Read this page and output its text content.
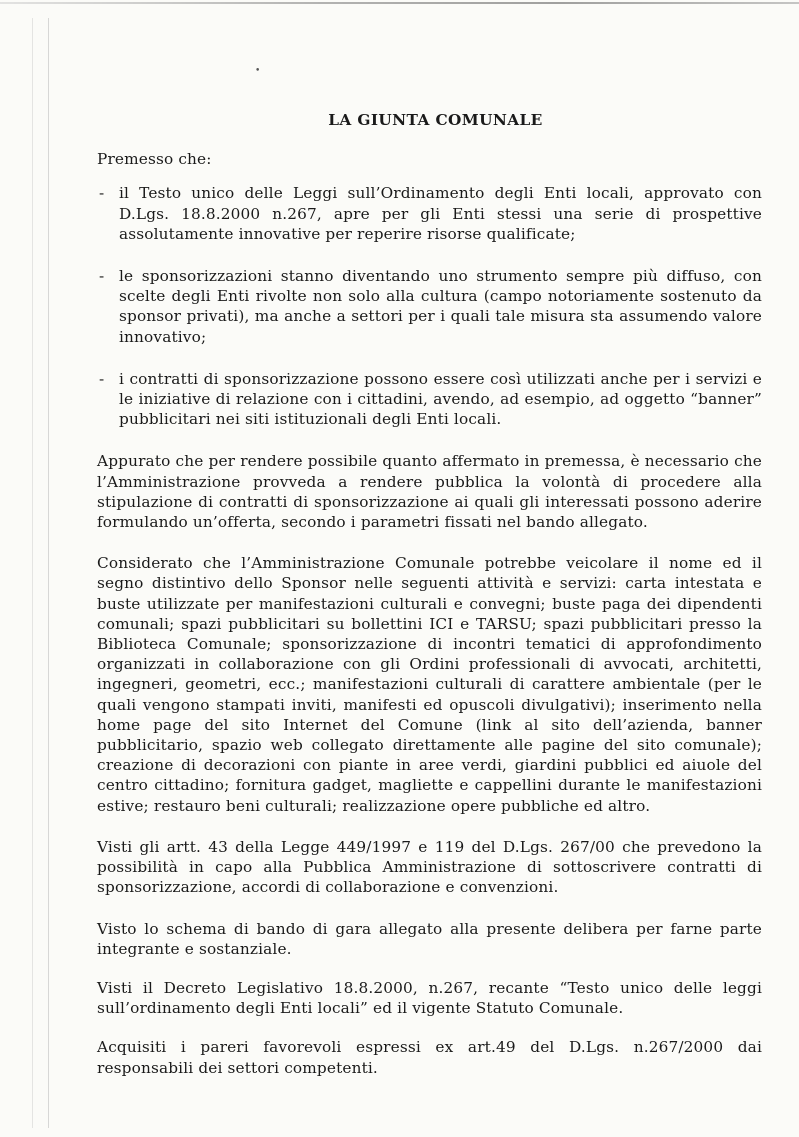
•
LA GIUNTA COMUNALE

Premesso che:

- il Testo unico delle Leggi sull’Ordinamento degli Enti locali, approvato con D.Lgs. 18.8.2000 n.267, apre per gli Enti stessi una serie di prospettive assolutamente innovative per reperire risorse qualificate;
- le sponsorizzazioni stanno diventando uno strumento sempre più diffuso, con scelte degli Enti rivolte non solo alla cultura (campo notoriamente sostenuto da sponsor privati), ma anche a settori per i quali tale misura sta assumendo valore innovativo;
- i contratti di sponsorizzazione possono essere così utilizzati anche per i servizi e le iniziative di relazione con i cittadini, avendo, ad esempio, ad oggetto “banner” pubblicitari nei siti istituzionali degli Enti locali.

Appurato che per rendere possibile quanto affermato in premessa, è necessario che l’Amministrazione provveda a rendere pubblica la volontà di procedere alla stipulazione di contratti di sponsorizzazione ai quali gli interessati possono aderire formulando un’offerta, secondo i parametri fissati nel bando allegato.

Considerato che l’Amministrazione Comunale potrebbe veicolare il nome ed il segno distintivo dello Sponsor nelle seguenti attività e servizi: carta intestata e buste utilizzate per manifestazioni culturali e convegni; buste paga dei dipendenti comunali; spazi pubblicitari su bollettini ICI e TARSU; spazi pubblicitari presso la Biblioteca Comunale; sponsorizzazione di incontri tematici di approfondimento organizzati in collaborazione con gli Ordini professionali di avvocati, architetti, ingegneri, geometri, ecc.; manifestazioni culturali di carattere ambientale (per le quali vengono stampati inviti, manifesti ed opuscoli divulgativi); inserimento nella home page del sito Internet del Comune (link al sito dell’azienda, banner pubblicitario, spazio web collegato direttamente alle pagine del sito comunale); creazione di decorazioni con piante in aree verdi, giardini pubblici ed aiuole del centro cittadino; fornitura gadget, magliette e cappellini durante le manifestazioni estive; restauro beni culturali; realizzazione opere pubbliche ed altro.

Visti gli artt. 43 della Legge 449/1997 e 119 del D.Lgs. 267/00 che prevedono la possibilità in capo alla Pubblica Amministrazione di sottoscrivere contratti di sponsorizzazione, accordi di collaborazione e convenzioni.

Visto lo schema di bando di gara allegato alla presente delibera per farne parte integrante e sostanziale.

Visti il Decreto Legislativo 18.8.2000, n.267, recante “Testo unico delle leggi sull’ordinamento degli Enti locali” ed il vigente Statuto Comunale.

Acquisiti i pareri favorevoli espressi ex art.49 del D.Lgs. n.267/2000 dai responsabili dei settori competenti.
